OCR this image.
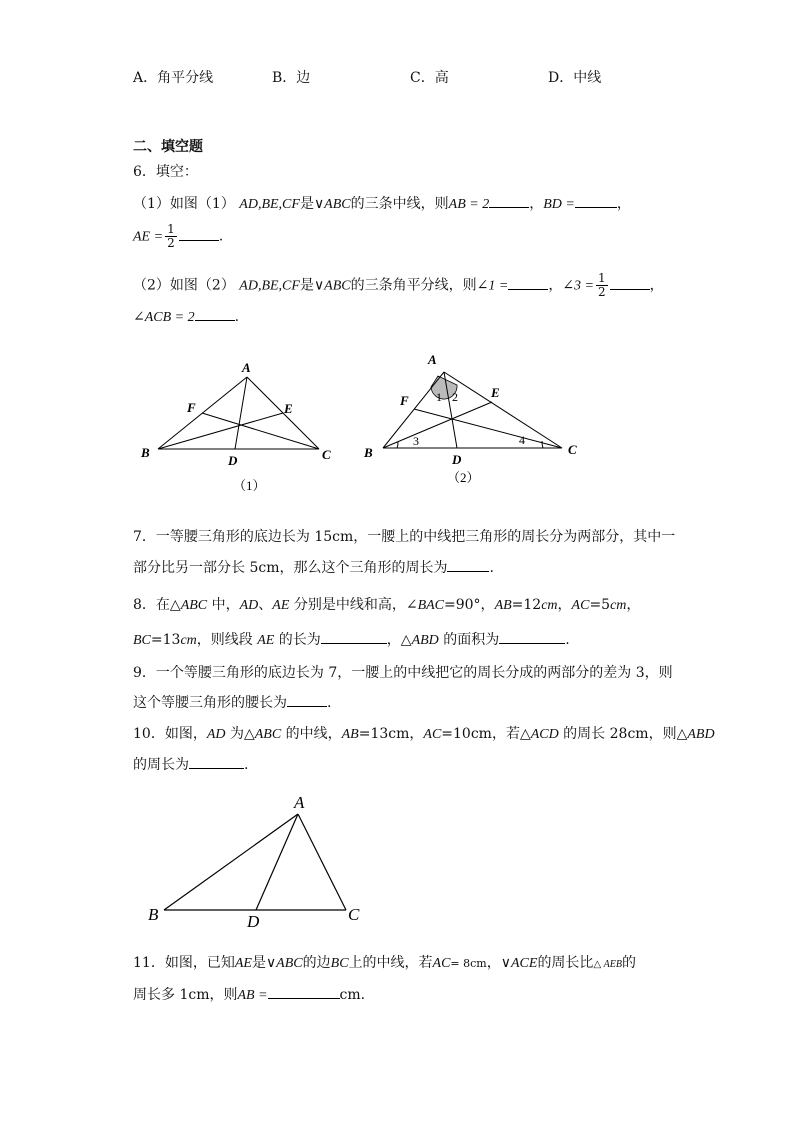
A．角平分线	B．边	C．高	D．中线
二、填空题
6．填空：
（1）如图（1） AD,BE,CF是∨ABC的三条中线，则AB = 2	，BD =	，
AE = $\frac{1}{2}$	.
（2）如图（2） AD,BE,CF是∨ABC的三条角平分线，则∠1 =	，∠3 = $\frac{1}{2}$	，
∠ACB = 2	.
A
B	C
D
E
F
（1）
A
B	C
D
E
F 1 2
3	4
（2）
7．一等腰三角形的底边长为 15cm，一腰上的中线把三角形的周长分为两部分，其中一
部分比另一部分长 5cm，那么这个三角形的周长为	.
8．在△ABC 中，AD、AE 分别是中线和高，∠BAC=90°，AB=12cm，AC=5cm，
BC=13cm，则线段 AE 的长为	，△ABD 的面积为	.
9．一个等腰三角形的底边长为 7，一腰上的中线把它的周长分成的两部分的差为 3，则
这个等腰三角形的腰长为	.
10．如图，AD 为△ABC 的中线，AB=13cm，AC=10cm，若△ACD 的周长 28cm，则△ABD
的周长为	.
A
B	C
D
11．如图，已知AE是∨ABC的边BC上的中线，若AC= 8cm，∨ACE的周长比△ AEB的
周长多 1cm，则AB =	cm.
